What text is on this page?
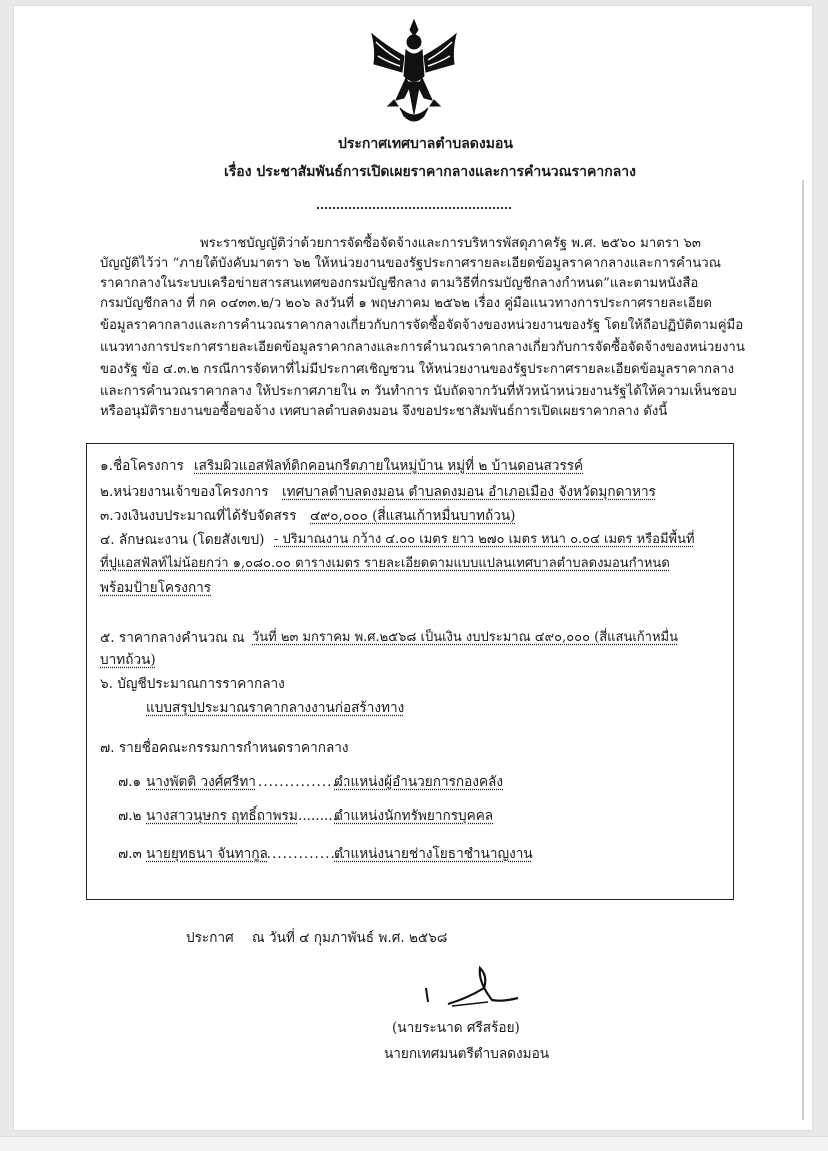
ประกาศเทศบาลตำบลดงมอน
เรื่อง ประชาสัมพันธ์การเปิดเผยราคากลางและการคำนวณราคากลาง
พระราชบัญญัติว่าด้วยการจัดซื้อจัดจ้างและการบริหารพัสดุภาครัฐ พ.ศ. ๒๕๖๐ มาตรา ๖๓
บัญญัติไว้ว่า “ภายใต้บังคับมาตรา ๖๒ ให้หน่วยงานของรัฐประกาศรายละเอียดข้อมูลราคากลางและการคำนวณ
ราคากลางในระบบเครือข่ายสารสนเทศของกรมบัญชีกลาง ตามวิธีที่กรมบัญชีกลางกำหนด”และตามหนังสือ
กรมบัญชีกลาง ที่ กค ๐๔๓๓.๒/ว ๒๐๖ ลงวันที่ ๑ พฤษภาคม ๒๕๖๒ เรื่อง คู่มือแนวทางการประกาศรายละเอียด
ข้อมูลราคากลางและการคำนวณราคากลางเกี่ยวกับการจัดซื้อจัดจ้างของหน่วยงานของรัฐ โดยให้ถือปฏิบัติตามคู่มือ
แนวทางการประกาศรายละเอียดข้อมูลราคากลางและการคำนวณราคากลางเกี่ยวกับการจัดซื้อจัดจ้างของหน่วยงาน
ของรัฐ ข้อ ๔.๓.๒ กรณีการจัดหาที่ไม่มีประกาศเชิญชวน ให้หน่วยงานของรัฐประกาศรายละเอียดข้อมูลราคากลาง
และการคำนวณราคากลาง ให้ประกาศภายใน ๓ วันทำการ นับถัดจากวันที่หัวหน้าหน่วยงานรัฐได้ให้ความเห็นชอบ
หรืออนุมัติรายงานขอซื้อขอจ้าง เทศบาลตำบลดงมอน จึงขอประชาสัมพันธ์การเปิดเผยราคากลาง ดังนี้
๑.ชื่อโครงการ เสริมผิวแอสฟัลท์ติกคอนกรีตภายในหมู่บ้าน หมู่ที่ ๒ บ้านดอนสวรรค์
๒.หน่วยงานเจ้าของโครงการ เทศบาลตำบลดงมอน ตำบลดงมอน อำเภอเมือง จังหวัดมุกดาหาร
๓.วงเงินงบประมาณที่ได้รับจัดสรร ๔๙๐,๐๐๐ (สี่แสนเก้าหมื่นบาทถ้วน)
๔. ลักษณะงาน (โดยสังเขป) - ปริมาณงาน กว้าง ๔.๐๐ เมตร ยาว ๒๗๐ เมตร หนา ๐.๐๔ เมตร หรือมีพื้นที่
ที่ปูแอสฟัลท์ไม่น้อยกว่า ๑,๐๘๐.๐๐ ตารางเมตร รายละเอียดตามแบบแปลนเทศบาลตำบลดงมอนกำหนด
พร้อมป้ายโครงการ
๕. ราคากลางคำนวณ ณ วันที่ ๒๓ มกราคม พ.ศ.๒๕๖๘ เป็นเงิน งบประมาณ ๔๙๐,๐๐๐ (สี่แสนเก้าหมื่น
บาทถ้วน)
๖. บัญชีประมาณการราคากลาง
แบบสรุปประมาณราคากลางงานก่อสร้างทาง
๗. รายชื่อคณะกรรมการกำหนดราคากลาง
๗.๑ นางพัตติ วงศ์ศรีทา .................
ตำแหน่งผู้อำนวยการกองคลัง
๗.๒ นางสาวนุษกร ฤทธิ์ถาพรม ..........
ตำแหน่งนักทรัพยากรบุคคล
๗.๓ นายยุทธนา จันทากูล
.................
ตำแหน่งนายช่างโยธาชำนาญงาน
ประกาศ ณ วันที่ ๔ กุมภาพันธ์ พ.ศ. ๒๕๖๘
(นายระนาด ศรีสร้อย)
นายกเทศมนตรีตำบลดงมอน
